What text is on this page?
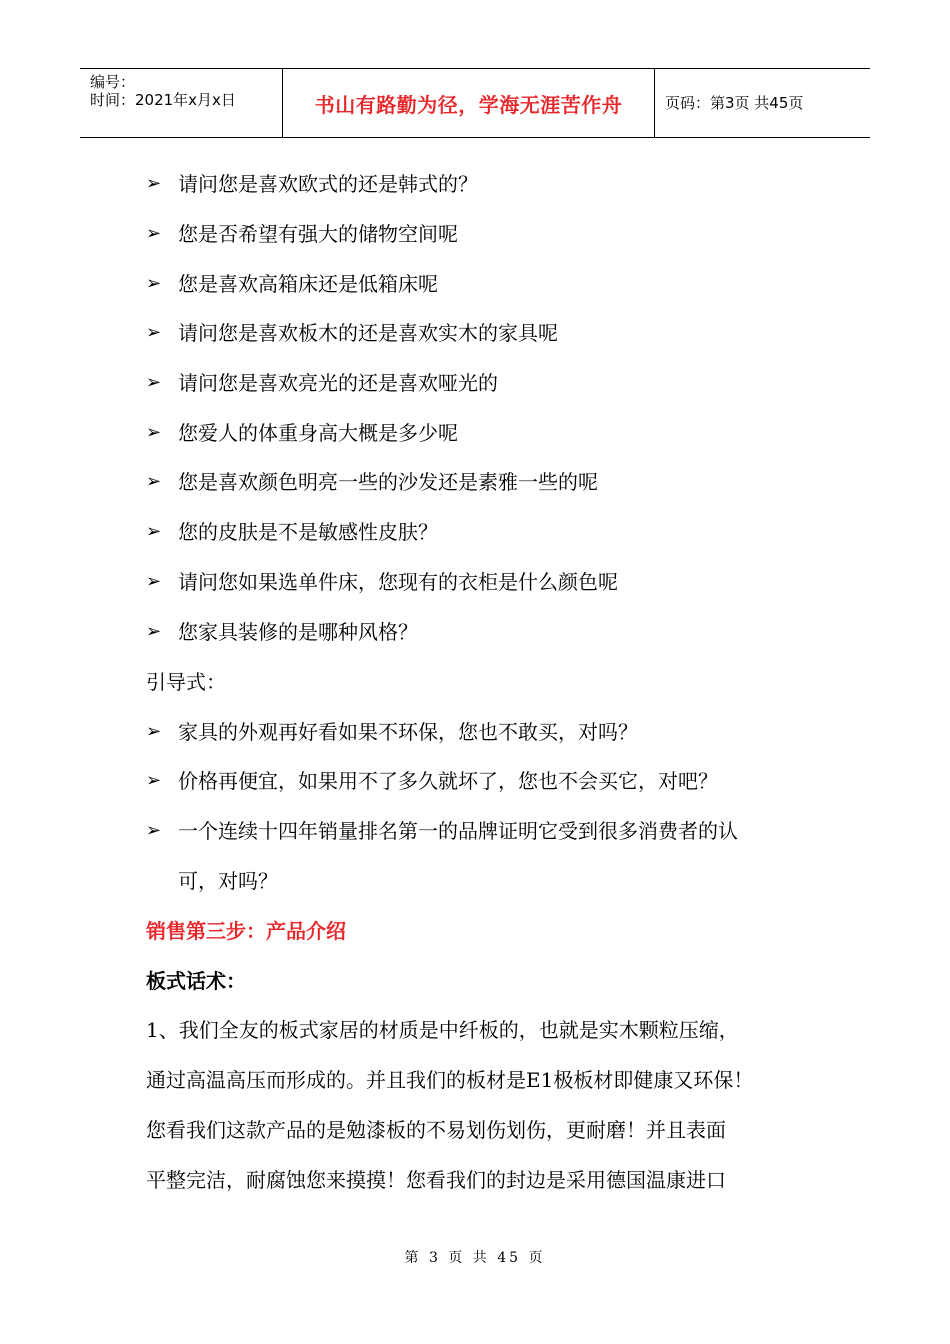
编号：
时间：2021年x月x日	书山有路勤为径，学海无涯苦作舟	页码：第3页 共45页
➢ 请问您是喜欢欧式的还是韩式的？
➢ 您是否希望有强大的储物空间呢
➢ 您是喜欢高箱床还是低箱床呢
➢ 请问您是喜欢板木的还是喜欢实木的家具呢
➢ 请问您是喜欢亮光的还是喜欢哑光的
➢ 您爱人的体重身高大概是多少呢
➢ 您是喜欢颜色明亮一些的沙发还是素雅一些的呢
➢ 您的皮肤是不是敏感性皮肤？
➢ 请问您如果选单件床，您现有的衣柜是什么颜色呢
➢ 您家具装修的是哪种风格？
引导式：
➢ 家具的外观再好看如果不环保，您也不敢买，对吗？
➢ 价格再便宜，如果用不了多久就坏了，您也不会买它，对吧？
➢ 一个连续十四年销量排名第一的品牌证明它受到很多消费者的认
可，对吗？
销售第三步：产品介绍
板式话术：
1、我们全友的板式家居的材质是中纤板的，也就是实木颗粒压缩，
通过高温高压而形成的。并且我们的板材是E1极板材即健康又环保！
您看我们这款产品的是勉漆板的不易划伤划伤，更耐磨！并且表面
平整完洁，耐腐蚀您来摸摸！您看我们的封边是采用德国温康进口
第 3 页 共 45 页
